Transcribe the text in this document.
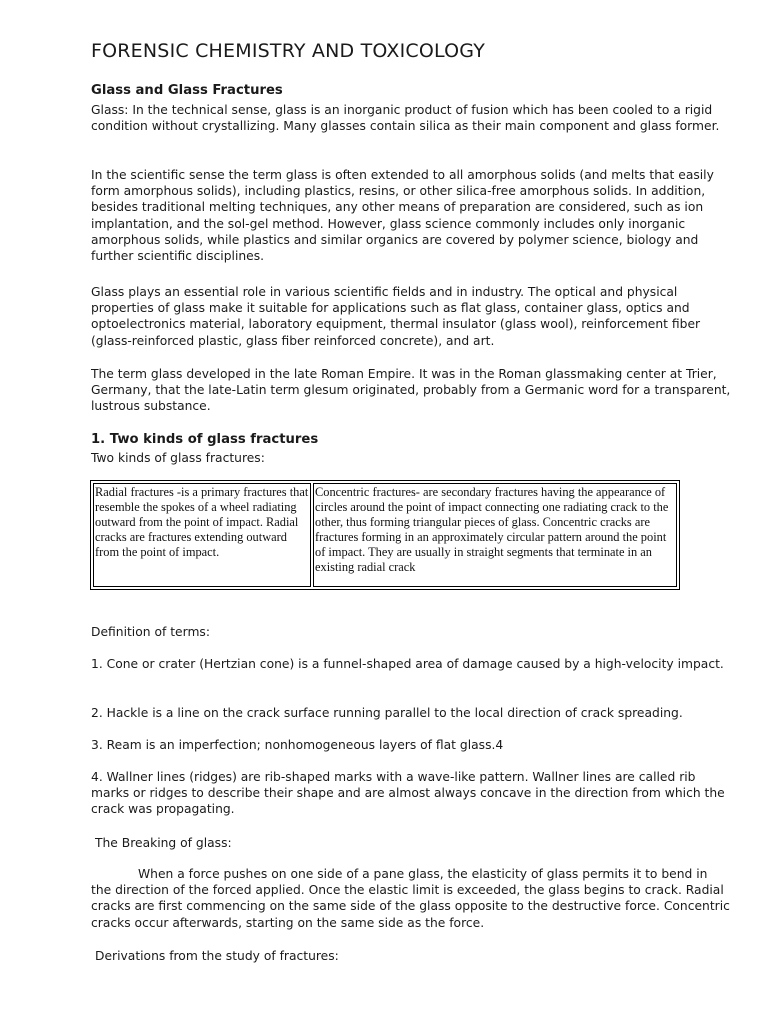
FORENSIC CHEMISTRY AND TOXICOLOGY
Glass and Glass Fractures

Glass: In the technical sense, glass is an inorganic product of fusion which has been cooled to a rigid condition without crystallizing. Many glasses contain silica as their main component and glass former.

In the scientific sense the term glass is often extended to all amorphous solids (and melts that easily form amorphous solids), including plastics, resins, or other silica-free amorphous solids. In addition, besides traditional melting techniques, any other means of preparation are considered, such as ion implantation, and the sol-gel method. However, glass science commonly includes only inorganic amorphous solids, while plastics and similar organics are covered by polymer science, biology and further scientific disciplines.

Glass plays an essential role in various scientific fields and in industry. The optical and physical properties of glass make it suitable for applications such as flat glass, container glass, optics and optoelectronics material, laboratory equipment, thermal insulator (glass wool), reinforcement fiber (glass-reinforced plastic, glass fiber reinforced concrete), and art.

The term glass developed in the late Roman Empire. It was in the Roman glassmaking center at Trier, Germany, that the late-Latin term glesum originated, probably from a Germanic word for a transparent, lustrous substance.

1. Two kinds of glass fractures

Two kinds of glass fractures:

Radial fractures -is a primary fractures that resemble the spokes of a wheel radiating outward from the point of impact. Radial cracks are fractures extending outward from the point of impact.	Concentric fractures- are secondary fractures having the appearance of circles around the point of impact connecting one radiating crack to the other, thus forming triangular pieces of glass. Concentric cracks are fractures forming in an approximately circular pattern around the point of impact. They are usually in straight segments that terminate in an existing radial crack

Definition of terms:

1. Cone or crater (Hertzian cone) is a funnel-shaped area of damage caused by a high-velocity impact.

2. Hackle is a line on the crack surface running parallel to the local direction of crack spreading.

3. Ream is an imperfection; nonhomogeneous layers of flat glass.4

4. Wallner lines (ridges) are rib-shaped marks with a wave-like pattern. Wallner lines are called rib marks or ridges to describe their shape and are almost always concave in the direction from which the crack was propagating.

The Breaking of glass:

When a force pushes on one side of a pane glass, the elasticity of glass permits it to bend in the direction of the forced applied. Once the elastic limit is exceeded, the glass begins to crack. Radial cracks are first commencing on the same side of the glass opposite to the destructive force. Concentric cracks occur afterwards, starting on the same side as the force.

Derivations from the study of fractures:
